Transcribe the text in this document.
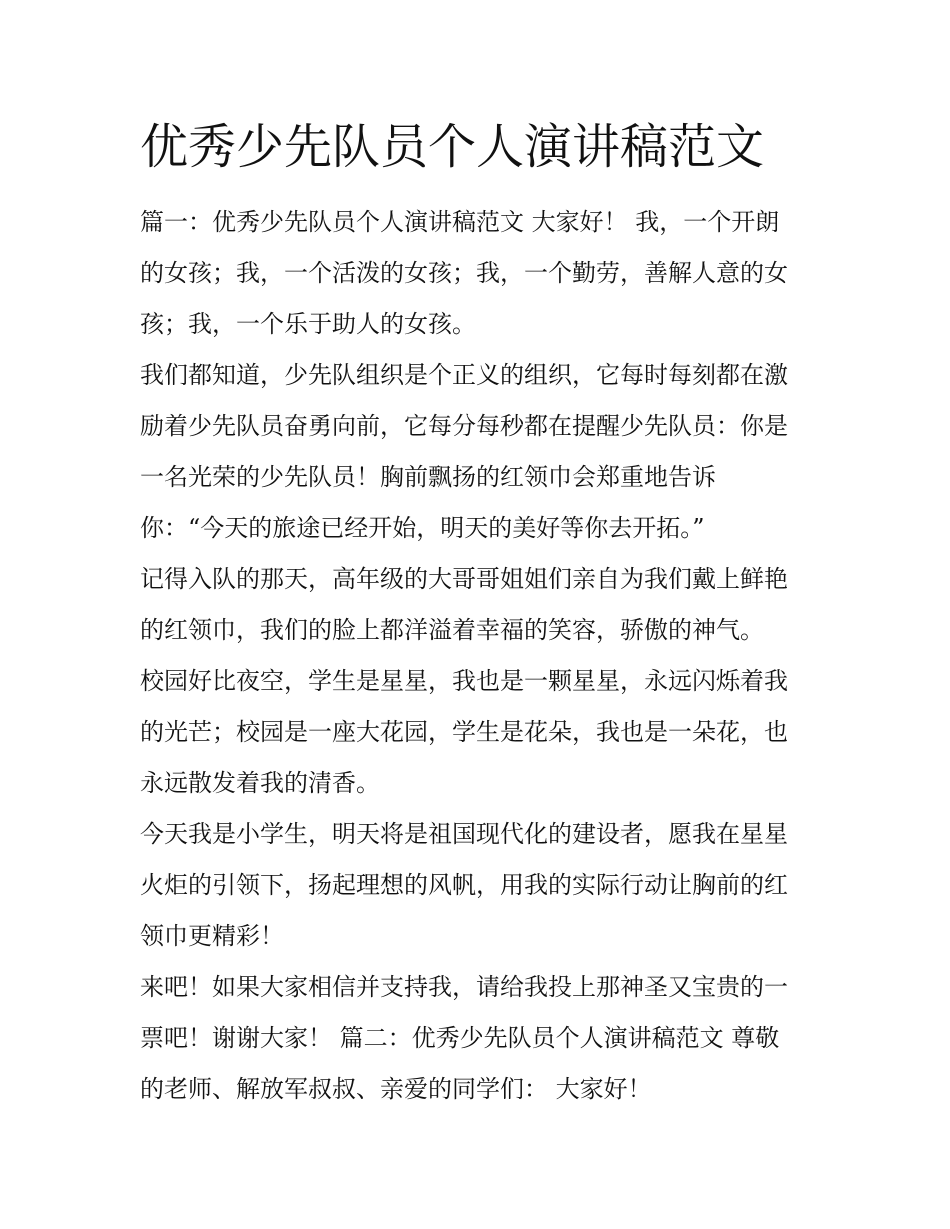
优秀少先队员个人演讲稿范文
篇一：优秀少先队员个人演讲稿范文 大家好！ 我，一个开朗
的女孩；我，一个活泼的女孩；我，一个勤劳，善解人意的女
孩；我，一个乐于助人的女孩。
我们都知道，少先队组织是个正义的组织，它每时每刻都在激
励着少先队员奋勇向前，它每分每秒都在提醒少先队员：你是
一名光荣的少先队员！胸前飘扬的红领巾会郑重地告诉
你：“今天的旅途已经开始，明天的美好等你去开拓。”
记得入队的那天，高年级的大哥哥姐姐们亲自为我们戴上鲜艳
的红领巾，我们的脸上都洋溢着幸福的笑容，骄傲的神气。
校园好比夜空，学生是星星，我也是一颗星星，永远闪烁着我
的光芒；校园是一座大花园，学生是花朵，我也是一朵花，也
永远散发着我的清香。
今天我是小学生，明天将是祖国现代化的建设者，愿我在星星
火炬的引领下，扬起理想的风帆，用我的实际行动让胸前的红
领巾更精彩！
来吧！如果大家相信并支持我，请给我投上那神圣又宝贵的一
票吧！谢谢大家！ 篇二：优秀少先队员个人演讲稿范文 尊敬
的老师、解放军叔叔、亲爱的同学们： 大家好！
